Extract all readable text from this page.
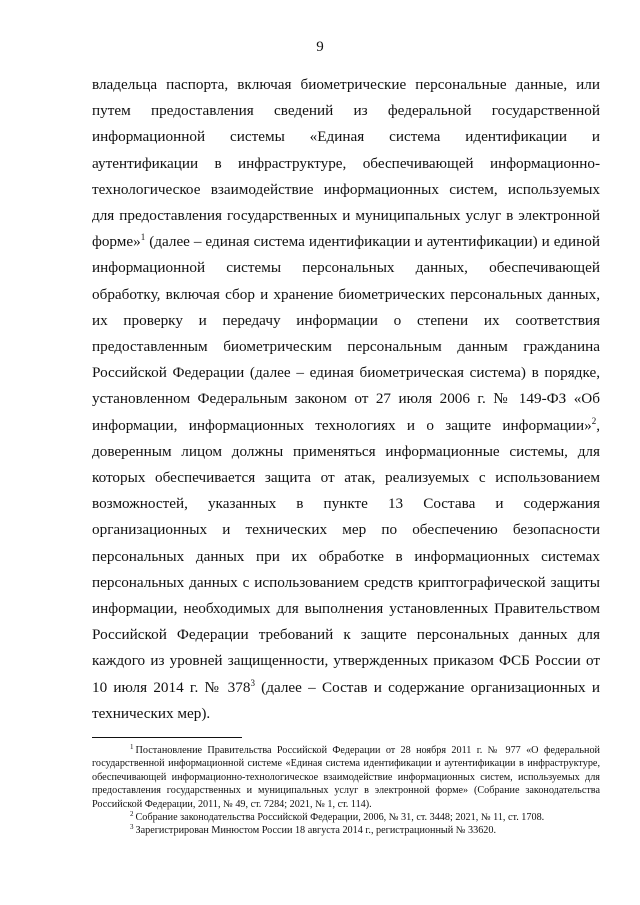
9

владельца паспорта, включая биометрические персональные данные, или путем предоставления сведений из федеральной государственной информационной системы «Единая система идентификации и аутентификации в инфраструктуре, обеспечивающей информационно-технологическое взаимодействие информационных систем, используемых для предоставления государственных и муниципальных услуг в электронной форме»$^1$ (далее – единая система идентификации и аутентификации) и единой информационной системы персональных данных, обеспечивающей обработку, включая сбор и хранение биометрических персональных данных, их проверку и передачу информации о степени их соответствия предоставленным биометрическим персональным данным гражданина Российской Федерации (далее – единая биометрическая система) в порядке, установленном Федеральным законом от 27 июля 2006 г. № 149-ФЗ «Об информации, информационных технологиях и о защите информации»$^2$, доверенным лицом должны применяться информационные системы, для которых обеспечивается защита от атак, реализуемых с использованием возможностей, указанных в пункте 13 Состава и содержания организационных и технических мер по обеспечению безопасности персональных данных при их обработке в информационных системах персональных данных с использованием средств криптографической защиты информации, необходимых для выполнения установленных Правительством Российской Федерации требований к защите персональных данных для каждого из уровней защищенности, утвержденных приказом ФСБ России от 10 июля 2014 г. № $378^3$ (далее – Состав и содержание организационных и технических мер).

$^1$ Постановление Правительства Российской Федерации от 28 ноября 2011 г. № 977 «О федеральной государственной информационной системе «Единая система идентификации и аутентификации в инфраструктуре, обеспечивающей информационно-технологическое взаимодействие информационных систем, используемых для предоставления государственных и муниципальных услуг в электронной форме» (Собрание законодательства Российской Федерации, 2011, № 49, ст. 7284; 2021, № 1, ст. 114).

$^2$ Собрание законодательства Российской Федерации, 2006, № 31, ст. 3448; 2021, № 11, ст. 1708.

$^3$ Зарегистрирован Минюстом России 18 августа 2014 г., регистрационный № 33620.
